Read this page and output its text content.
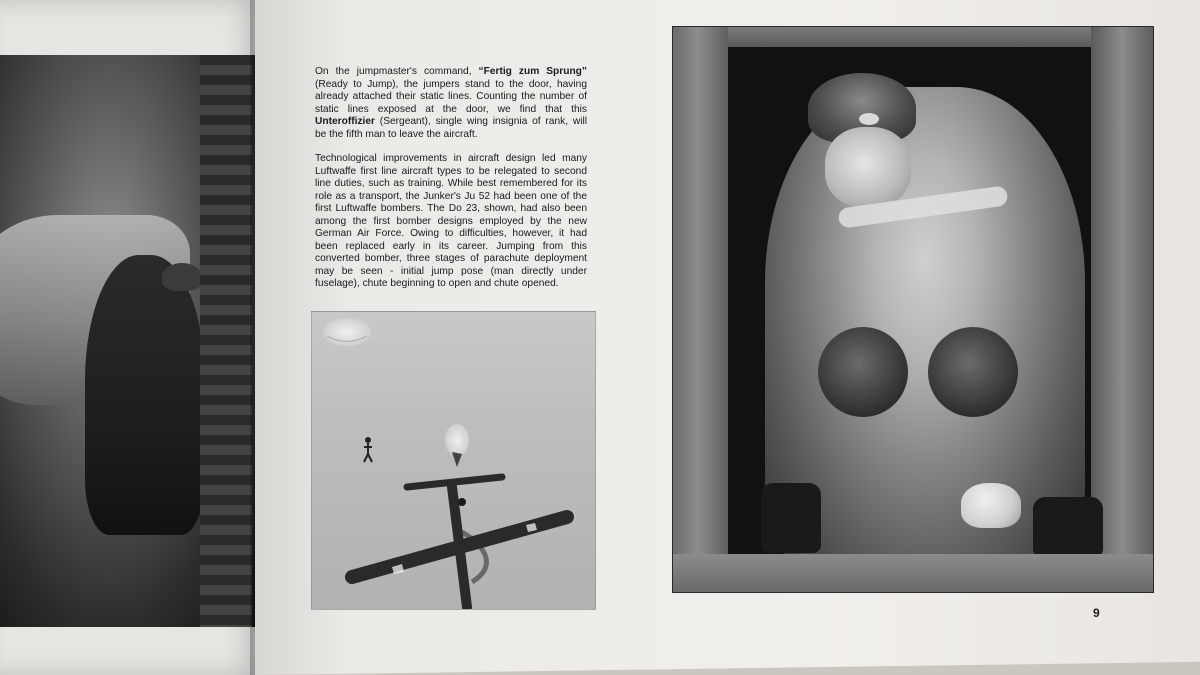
On the jumpmaster's command, “Fertig zum Sprung” (Ready to Jump), the jumpers stand to the door, having already attached their static lines. Counting the number of static lines exposed at the door, we find that this Unteroffizier (Sergeant), single wing insignia of rank, will be the fifth man to leave the aircraft.

Technological improvements in aircraft design led many Luftwaffe first line aircraft types to be relegated to second line duties, such as training. While best remembered for its role as a transport, the Junker's Ju 52 had been one of the first Luftwaffe bombers. The Do 23, shown, had also been among the first bomber designs employed by the new German Air Force. Owing to difficulties, however, it had been replaced early in its career. Jumping from this converted bomber, three stages of parachute deployment may be seen - initial jump pose (man directly under fuselage), chute beginning to open and chute opened.

9
